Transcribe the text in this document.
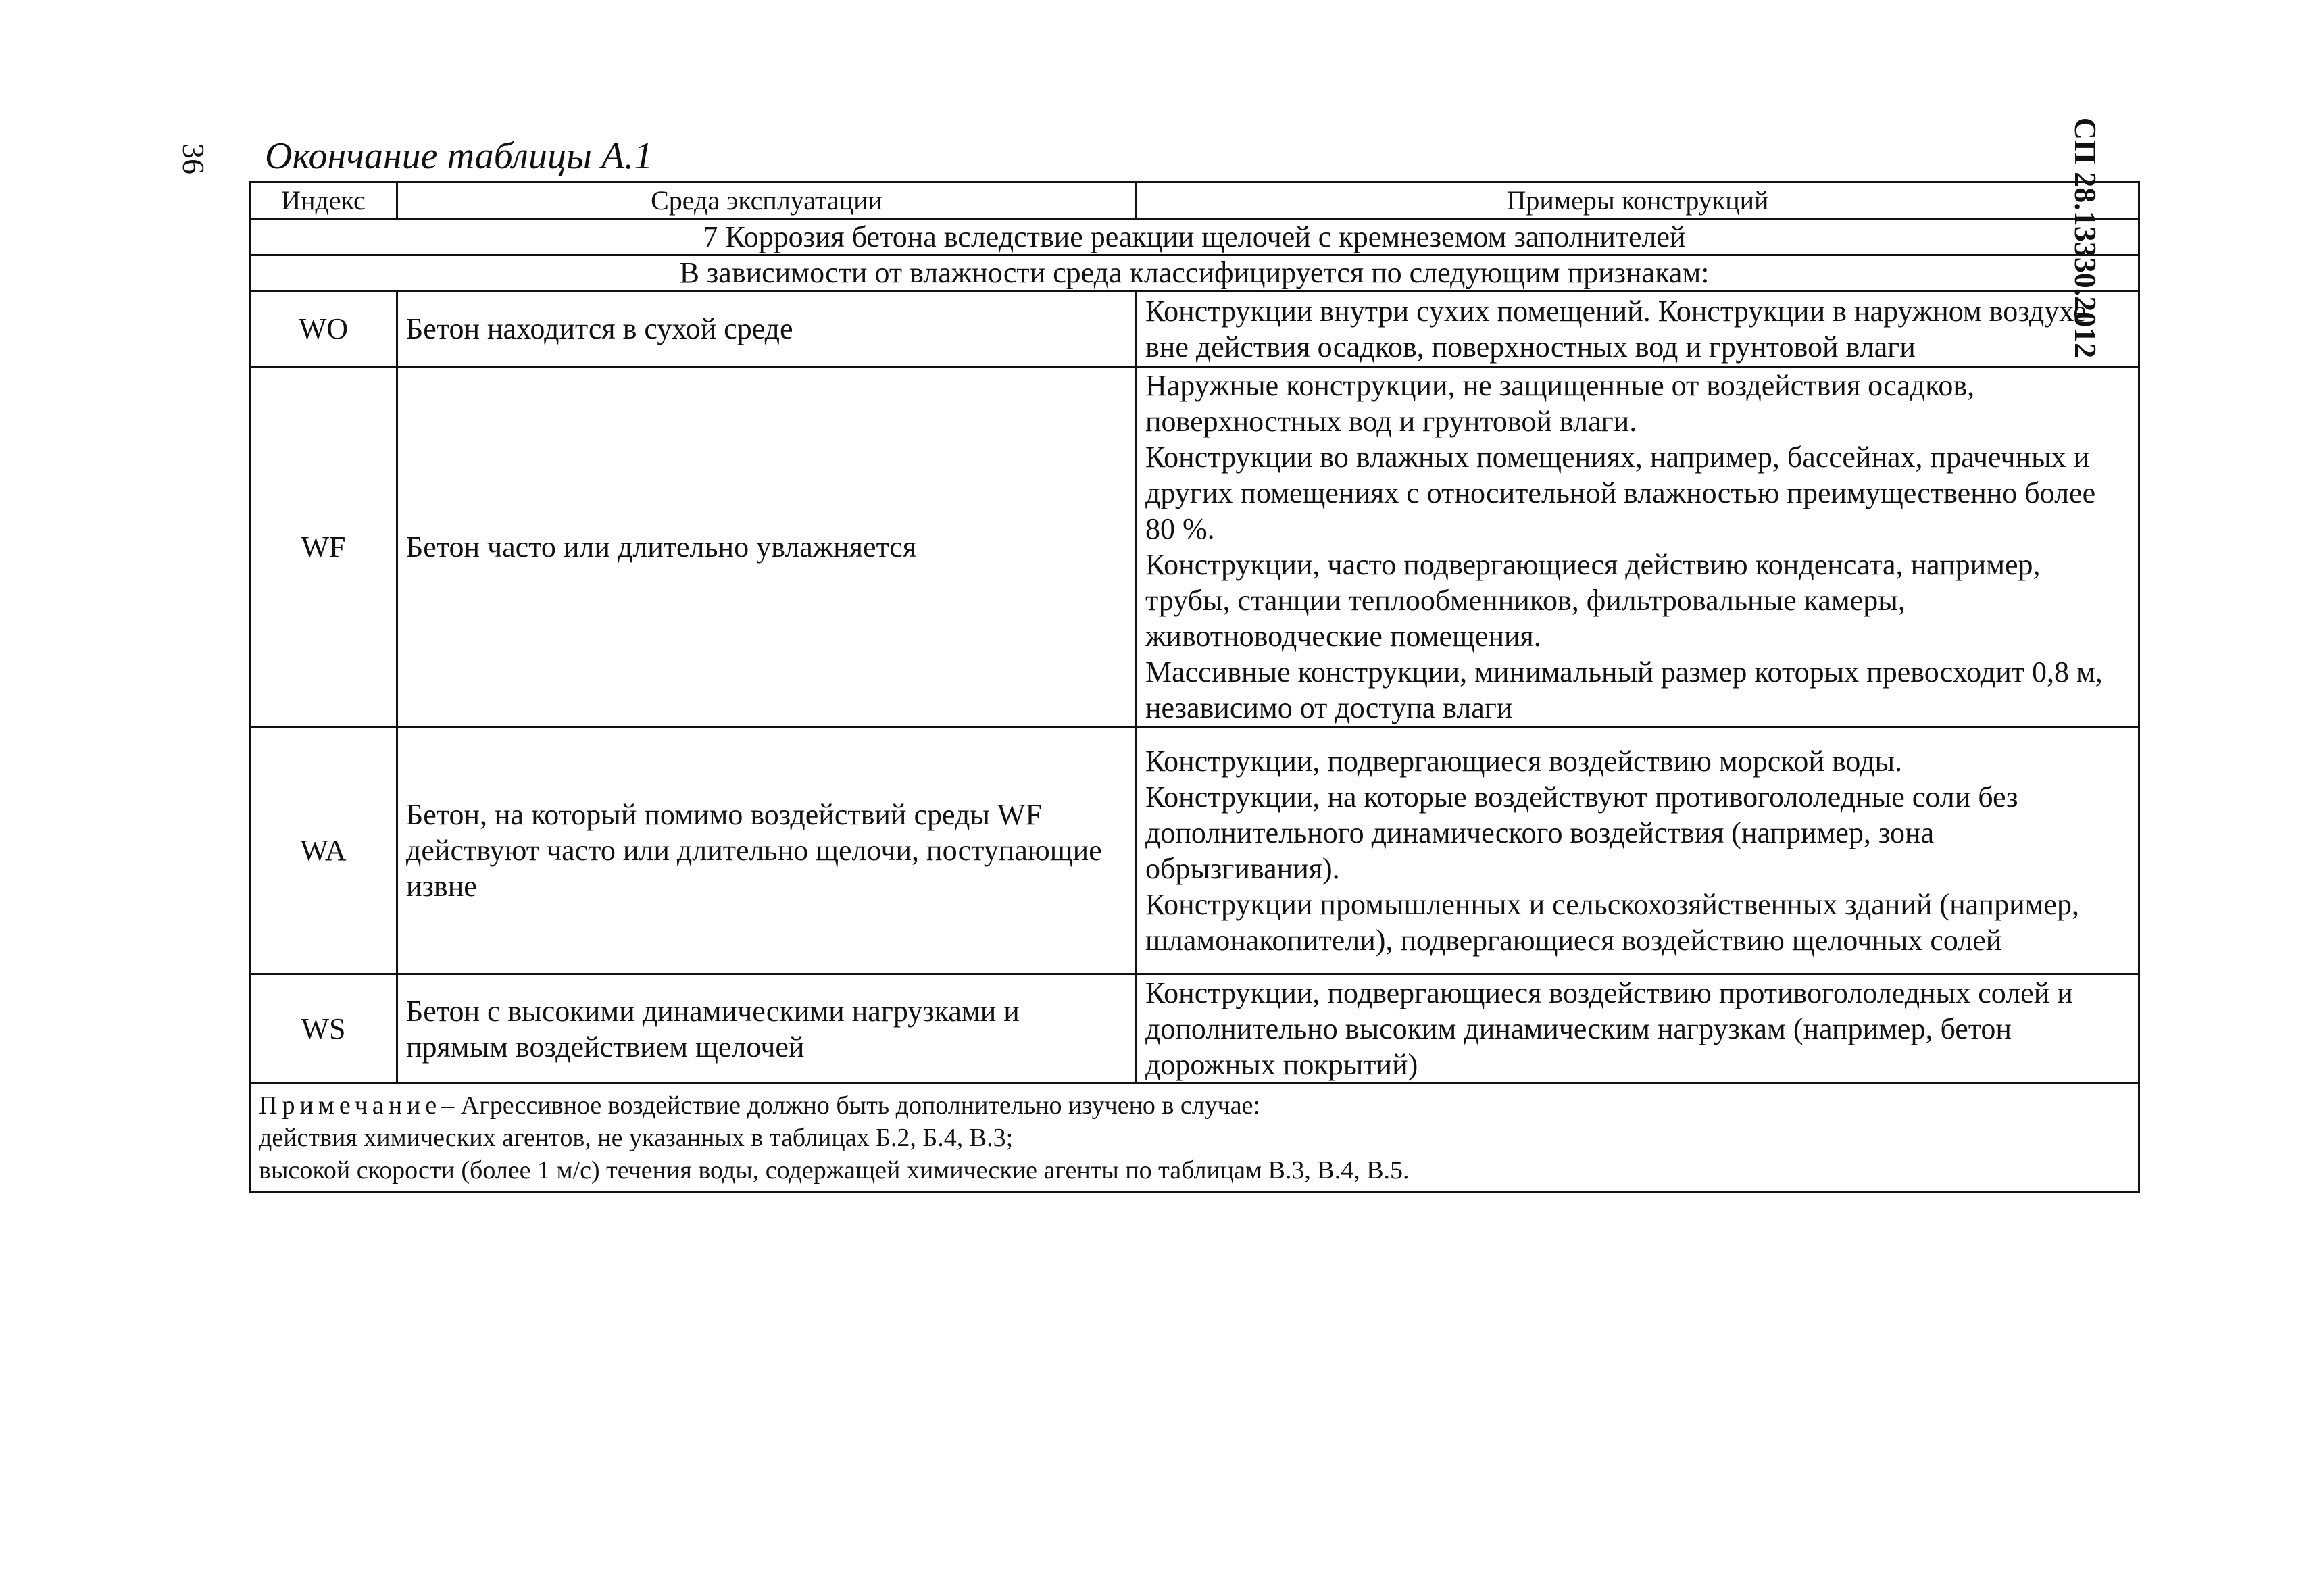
36	СП 28.13330.2012
Окончание таблицы А.1
Индекс	Среда эксплуатации	Примеры конструкций
7 Коррозия бетона вследствие реакции щелочей с кремнеземом заполнителей		
В зависимости от влажности среда классифицируется по следующим признакам:		
WO	Бетон находится в сухой среде	Конструкции внутри сухих помещений. Конструкции в наружном воздухе вне действия осадков, поверхностных вод и грунтовой влаги

WF	Бетон часто или длительно увлажняется	Наружные конструкции, не защищенные от воздействия осадков, поверхностных вод и грунтовой влаги.

Конструкции во влажных помещениях, например, бассейнах, прачечных и других помещениях с относительной влажностью преимущественно более 80 %.

Конструкции, часто подвергающиеся действию конденсата, например, трубы, станции теплообменников, фильтровальные камеры, животноводческие помещения.

Массивные конструкции, минимальный размер которых превосходит 0,8 м, независимо от доступа влаги

WA	Бетон, на который помимо воздействий среды WF действуют часто или длительно щелочи, поступающие извне	Конструкции, подвергающиеся воздействию морской воды.

Конструкции, на которые воздействуют противогололедные соли без дополнительного динамического воздействия (например, зона обрызгивания).

Конструкции промышленных и сельскохозяйственных зданий (например, шламонакопители), подвергающиеся воздействию щелочных солей

WS	Бетон с высокими динамическими нагрузками и прямым воздействием щелочей	Конструкции, подвергающиеся воздействию противогололедных солей и дополнительно высоким динамическим нагрузкам (например, бетон дорожных покрытий)

Примечание– Агрессивное воздействие должно быть дополнительно изучено в случае:

действия химических агентов, не указанных в таблицах Б.2, Б.4, В.3;

высокой скорости (более 1 м/с) течения воды, содержащей химические агенты по таблицам В.3, В.4, В.5.		
